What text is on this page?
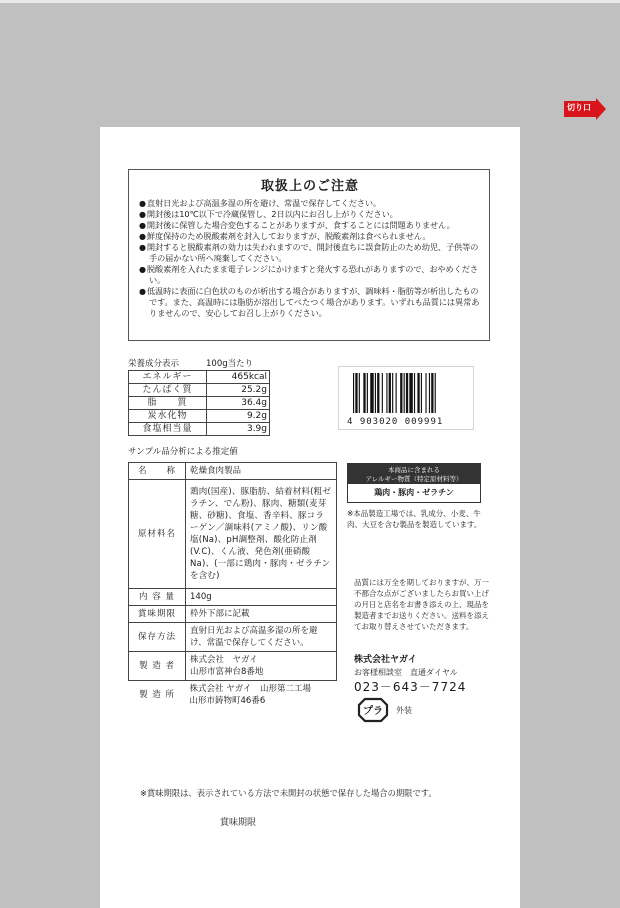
切り口
取扱上のご注意
● 直射日光および高温多湿の所を避け、常温で保存してください。
● 開封後は10℃以下で冷蔵保管し、2日以内にお召し上がりください。
● 開封後に保管した場合変色することがありますが、食することには問題ありません。
● 鮮度保持のため脱酸素剤を封入しておりますが、脱酸素剤は食べられません。
● 開封すると脱酸素剤の効力は失われますので、開封後直ちに誤食防止のため幼児、子供等の手の届かない所へ廃棄してください。
● 脱酸素剤を入れたまま電子レンジにかけますと発火する恐れがありますので、おやめください。
● 低温時に表面に白色状のものが析出する場合がありますが、調味料・脂肪等が析出したものです。また、高温時には脂肪が溶出してべたつく場合があります。いずれも品質には異常ありませんので、安心してお召し上がりください。
栄養成分表示	100g当たり
エネルギー	465kcal
たんぱく質	25.2g
脂　　質	36.4g
炭水化物	9.2g
食塩相当量	3.9g
サンプル品分析による推定値
4 903020 009991
名　　称	乾燥食肉製品
原材料名	鶏肉(国産)、豚脂肪、結着材料(粗ゼラチン、でん粉)、豚肉、糖類(麦芽糖、砂糖)、食塩、香辛料、豚コラーゲン／調味料(アミノ酸)、リン酸塩(Na)、pH調整剤、酸化防止剤(V.C)、くん液、発色剤(亜硝酸Na)、(一部に鶏肉・豚肉・ゼラチンを含む)
内 容 量	140g
賞味期限	枠外下部に記載
保存方法	直射日光および高温多湿の所を避け、常温で保存してください。
製 造 者	株式会社　ヤガイ
山形市富神台8番地
製 造 所	株式会社 ヤガイ　山形第二工場
山形市鋳物町46番6
本商品に含まれる
アレルギー物質（特定原材料等）
鶏肉・豚肉・ゼラチン
※本品製造工場では、乳成分、小麦、牛肉、大豆を含む製品を製造しています。
品質には万全を期しておりますが、万一不都合な点がございましたらお買い上げの月日と店名をお書き添えの上、現品を製造者までお送りください。送料を添えてお取り替えさせていただきます。
株式会社ヤガイ
お客様相談室　直通ダイヤル
023－643－7724
プラ 外装
※賞味期限は、表示されている方法で未開封の状態で保存した場合の期限です。
賞味期限
